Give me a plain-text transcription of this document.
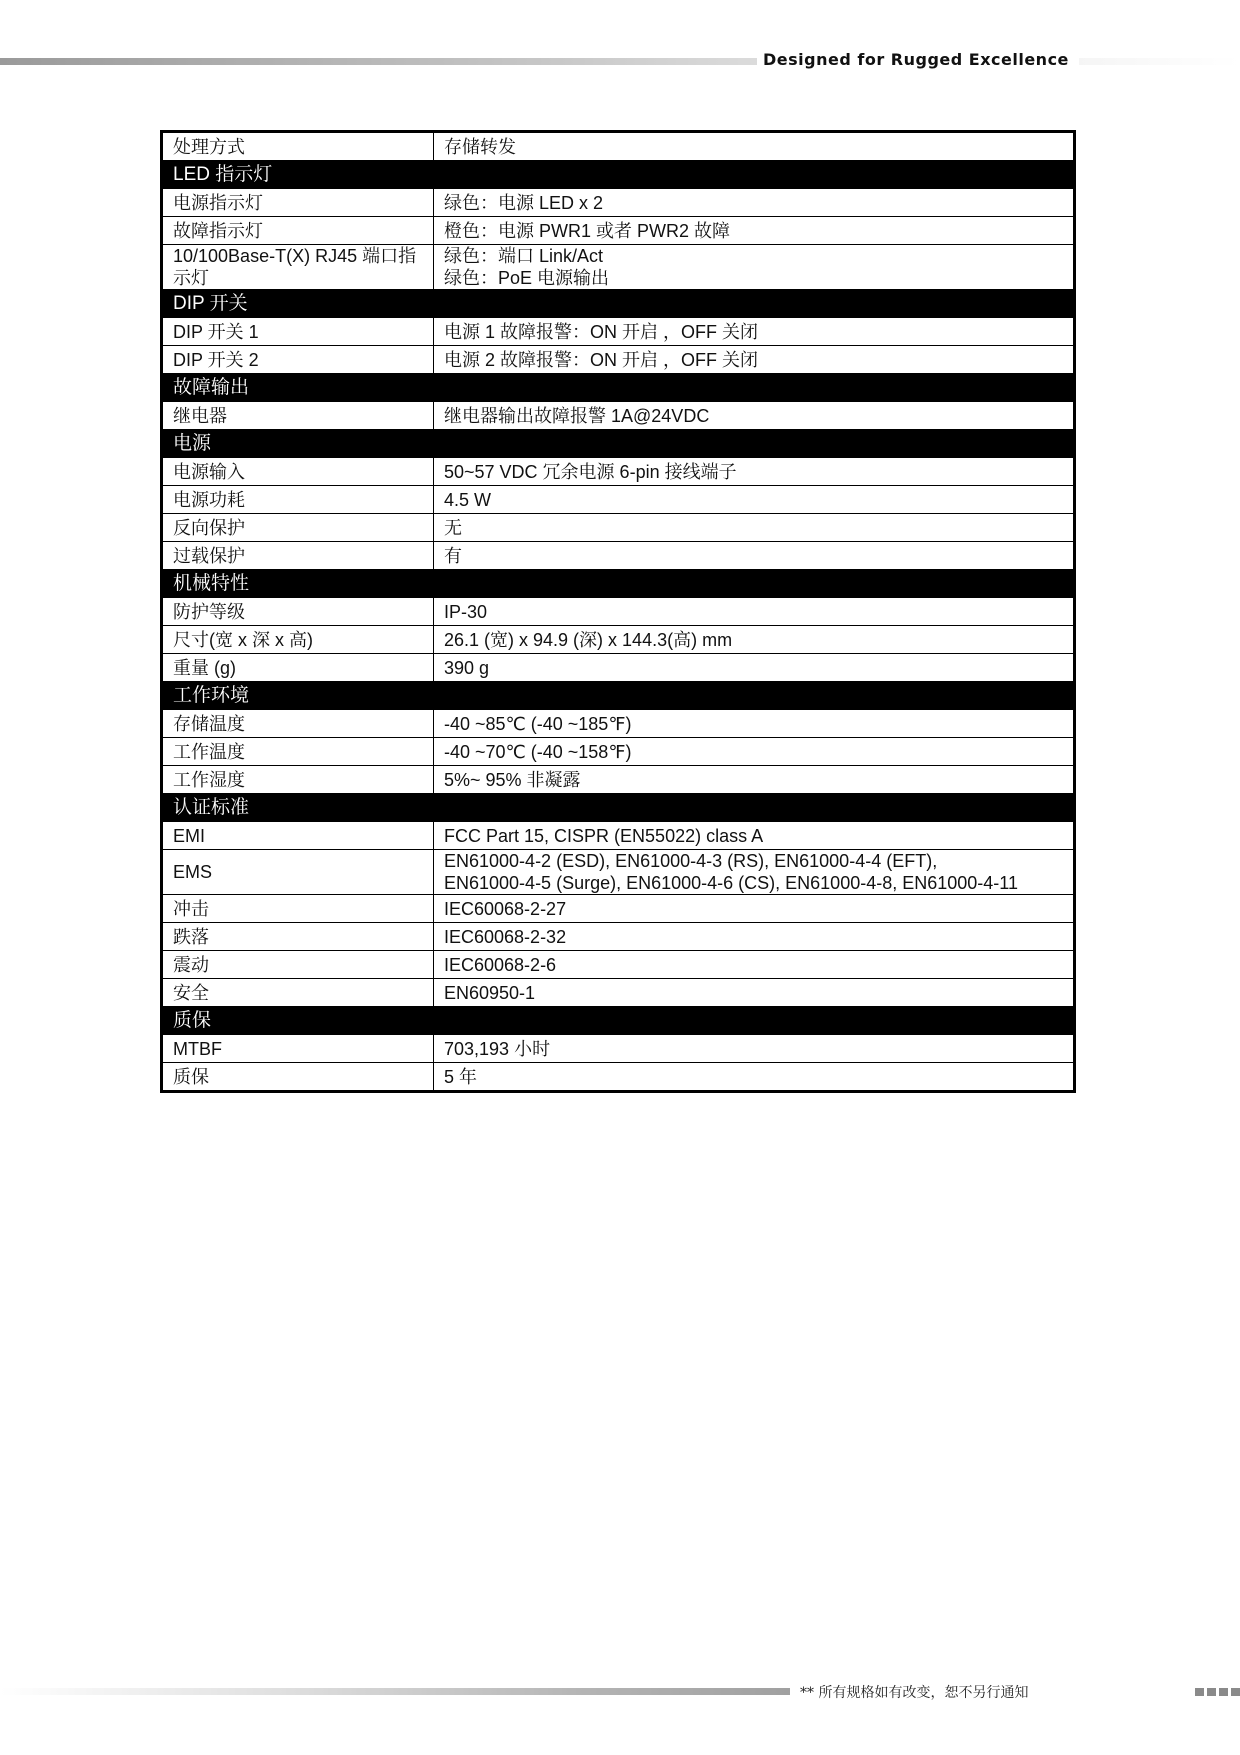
Designed for Rugged Excellence
处理方式	存储转发
LED 指示灯	
电源指示灯	绿色：电源 LED x 2
故障指示灯	橙色：电源 PWR1 或者 PWR2 故障
10/100Base-T(X) RJ45 端口指示灯	绿色：端口 Link/Act
绿色：PoE 电源输出
DIP 开关	
DIP 开关 1	电源 1 故障报警：ON 开启 ，OFF 关闭
DIP 开关 2	电源 2 故障报警：ON 开启 ，OFF 关闭
故障输出	
继电器	继电器输出故障报警 1A@24VDC
电源	
电源输入	50~57 VDC 冗余电源 6-pin 接线端子
电源功耗	4.5 W
反向保护	无
过载保护	有
机械特性	
防护等级	IP-30
尺寸(宽 x 深 x 高)	26.1 (宽) x 94.9 (深) x 144.3(高) mm
重量 (g)	390 g
工作环境	
存储温度	-40 ~85℃ (-40 ~185℉)
工作温度	-40 ~70℃ (-40 ~158℉)
工作湿度	5%~ 95% 非凝露
认证标准	
EMI	FCC Part 15, CISPR (EN55022) class A
EMS	EN61000-4-2 (ESD), EN61000-4-3 (RS), EN61000-4-4 (EFT),
EN61000-4-5 (Surge), EN61000-4-6 (CS), EN61000-4-8, EN61000-4-11
冲击	IEC60068-2-27
跌落	IEC60068-2-32
震动	IEC60068-2-6
安全	EN60950-1
质保	
MTBF	703,193 小时
质保	5 年
** 所有规格如有改变，恕不另行通知
